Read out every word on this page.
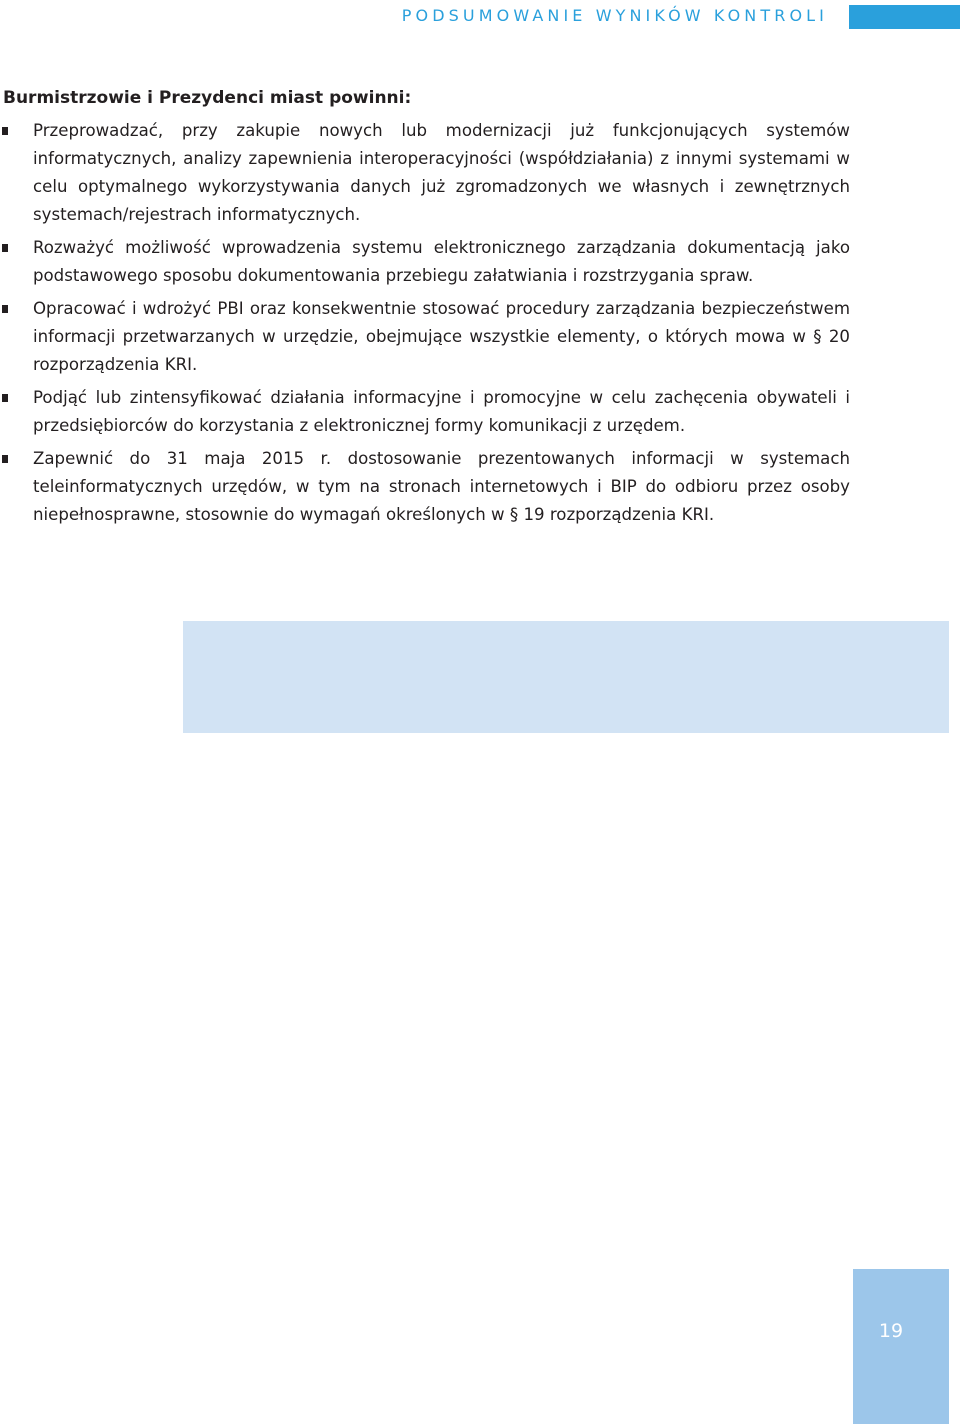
PODSUMOWANIE WYNIKÓW KONTROLI
Burmistrzowie i Prezydenci miast powinni:
Przeprowadzać, przy zakupie nowych lub modernizacji już funkcjonujących systemów informatycznych, analizy zapewnienia interoperacyjności (współdziałania) z innymi systemami w celu optymalnego wykorzystywania danych już zgromadzonych we własnych i zewnętrznych systemach/rejestrach informatycznych.
Rozważyć możliwość wprowadzenia systemu elektronicznego zarządzania dokumentacją jako podstawowego sposobu dokumentowania przebiegu załatwiania i rozstrzygania spraw.
Opracować i wdrożyć PBI oraz konsekwentnie stosować procedury zarządzania bezpieczeństwem informacji przetwarzanych w urzędzie, obejmujące wszystkie elementy, o których mowa w § 20 rozporządzenia KRI.
Podjąć lub zintensyfikować działania informacyjne i promocyjne w celu zachęcenia obywateli i przedsiębiorców do korzystania z elektronicznej formy komunikacji z urzędem.
Zapewnić do 31 maja 2015 r. dostosowanie prezentowanych informacji w systemach teleinformatycznych urzędów, w tym na stronach internetowych i BIP do odbioru przez osoby niepełnosprawne, stosownie do wymagań określonych w § 19 rozporządzenia KRI.
19
